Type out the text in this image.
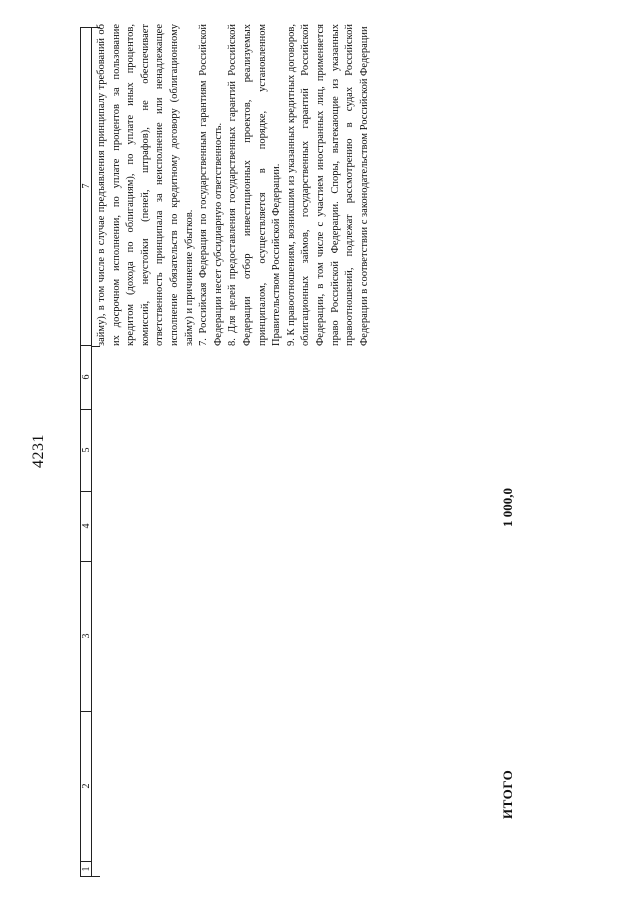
4231
1
2
3
4
5
6
7 займу), в том числе в случае предъявления принципалу требований об их досрочном исполнении, по уплате процентов за пользование кредитом (дохода по облигациям), по уплате иных процентов, комиссий, неустойки (пеней, штрафов), не обеспечивает ответственность принципала за неисполнение или ненадлежащее исполнение обязательств по кредитному договору (облигационному займу) и причинение убытков. 7. Российская Федерация по государственным гарантиям Российской Федерации несет субсидиарную ответственность. 8. Для целей предоставления государственных гарантий Российской Федерации отбор инвестиционных проектов, реализуемых принципалом, осуществляется в порядке, установленном Правительством Российской Федерации. 9. К правоотношениям, возникшим из указанных кредитных договоров, облигационных займов, государственных гарантий Российской Федерации, в том числе с участием иностранных лиц, применяется право Российской Федерации. Споры, вытекающие из указанных правоотношений, подлежат рассмотрению в судах Российской Федерации в соответствии с законодательством Российской Федерации

ИТОГО
1 000,0
